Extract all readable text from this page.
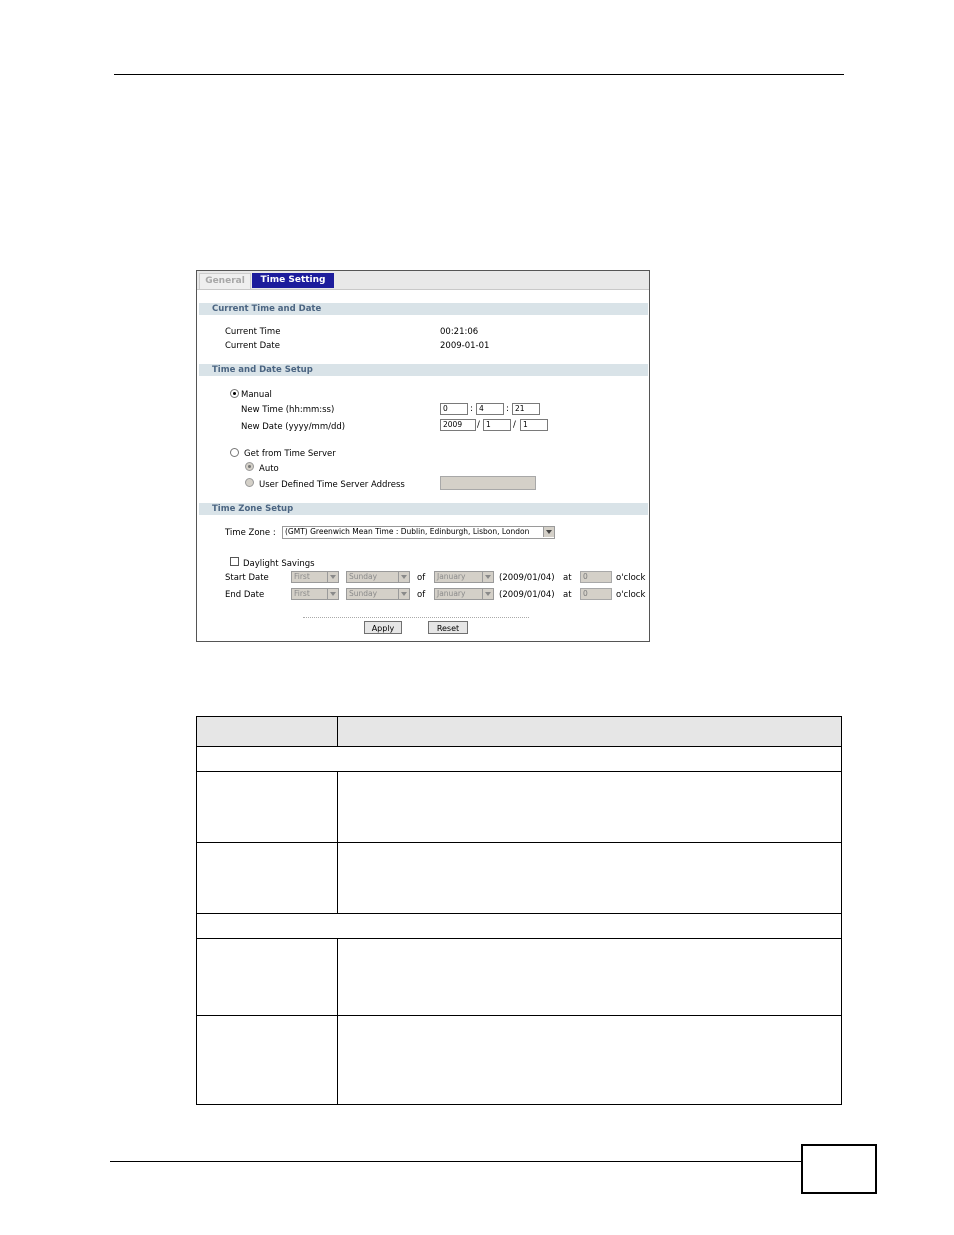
General	Time Setting
Current Time and Date
Current Time	00:21:06
Current Date	2009-01-01
Time and Date Setup
Manual
New Time (hh:mm:ss)	0	: 4	: 21
New Date (yyyy/mm/dd)	2009	/ 1	/ 1
Get from Time Server
Auto
User Defined Time Server Address
Time Zone Setup
Time Zone :	(GMT) Greenwich Mean Time : Dublin, Edinburgh, Lisbon, London
Daylight Savings
Start Date	First	Sunday	of	January	(2009/01/04) at	0	o'clock
End Date	First	Sunday	of	January	(2009/01/04) at	0	o'clock
Apply	Reset
